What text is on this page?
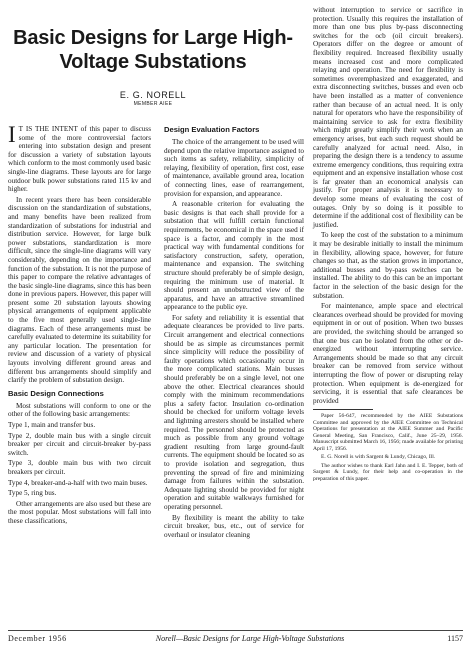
Basic Designs for Large High-Voltage Substations
E. G. NORELL
MEMBER AIEE

I T IS THE INTENT of this paper to discuss some of the more controversial factors entering into substation design and present for discussion a variety of substation layouts which conform to the most commonly used basic single-line diagrams. These layouts are for large outdoor bulk power substations rated 115 kv and higher.

In recent years there has been considerable discussion on the standardization of substations, and many benefits have been realized from standardization of substations for industrial and distribution service. However, for large bulk power substations, standardization is more difficult, since the single-line diagrams will vary considerably, depending on the importance and function of the substation. It is not the purpose of this paper to compare the relative advantages of the basic single-line diagrams, since this has been done in previous papers. However, this paper will present some 20 substation layouts showing physical arrangements of equipment applicable to the five most generally used single-line diagrams. Each of these arrangements must be carefully evaluated to determine its suitability for any particular location. The presentation for review and discussion of a variety of physical layouts involving different ground areas and different bus arrangements should simplify and clarify the problem of substation design.

Basic Design Connections

Most substations will conform to one or the other of the following basic arrangements:

Type 1, main and transfer bus.

Type 2, double main bus with a single circuit breaker per circuit and circuit-breaker by-pass switch.

Type 3, double main bus with two circuit breakers per circuit.

Type 4, breaker-and-a-half with two main buses.

Type 5, ring bus.

Other arrangements are also used but these are the most popular. Most substations will fall into these classifications,

Design Evaluation Factors

The choice of the arrangement to be used will depend upon the relative importance assigned to such items as safety, reliability, simplicity of relaying, flexibility of operation, first cost, ease of maintenance, available ground area, location of connecting lines, ease of rearrangement, provision for expansion, and appearance.

A reasonable criterion for evaluating the basic designs is that each shall provide for a substation that will fulfill certain functional requirements, be economical in the space used if space is a factor, and comply in the most practical way with fundamental conditions for satisfactory construction, safety, operation, maintenance and expansion. The switching structure should preferably be of simple design, requiring the minimum use of material. It should present an unobstructed view of the apparatus, and have an attractive streamlined appearance to the public eye.

For safety and reliability it is essential that adequate clearances be provided to live parts. Circuit arrangement and electrical connections should be as simple as circumstances permit since simplicity will reduce the possibility of faulty operations which occasionally occur in the more complicated stations. Main busses should preferably be on a single level, not one above the other. Electrical clearances should comply with the minimum recommendations plus a safety factor. Insulation co-ordination should be checked for uniform voltage levels and lightning arresters should be installed where required. The personnel should be protected as much as possible from any ground voltage gradient resulting from large ground-fault currents. The equipment should be located so as to provide isolation and segregation, thus preventing the spread of fire and minimizing damage from failures within the substation. Adequate lighting should be provided for night operation and suitable walkways furnished for operating personnel.

By flexibility is meant the ability to take circuit breaker, bus, etc., out of service for overhaul or insulator cleaning

without interruption to service or sacrifice in protection. Usually this requires the installation of more than one bus plus by-pass disconnecting switches for the ocb (oil circuit breakers). Operators differ on the degree or amount of flexibility required. Increased flexibility usually means increased cost and more complicated relaying and operation. The need for flexibility is sometimes overemphasized and exaggerated, and extra disconnecting switches, busses and even ocb have been installed as a matter of convenience rather than because of an actual need. It is only natural for operators who have the responsibility of maintaining service to ask for extra flexibility which might greatly simplify their work when an emergency arises, but each such request should be carefully analyzed for actual need. Also, in preparing the design there is a tendency to assume extreme emergency conditions, thus requiring extra equipment and an expensive installation whose cost is far greater than an economical analysis can justify. For proper analysis it is necessary to develop some means of evaluating the cost of outages. Only by so doing is it possible to determine if the additional cost of flexibility can be justified.

To keep the cost of the substation to a minimum it may be desirable initially to install the minimum in flexibility, allowing space, however, for future changes so that, as the station grows in importance, additional busses and by-pass switches can be installed. The ability to do this can be an important factor in the selection of the basic design for the substation.

For maintenance, ample space and electrical clearances overhead should be provided for moving equipment in or out of position. When two busses are provided, the switching should be arranged so that one bus can be isolated from the other or de-energized without interrupting service. Arrangements should be made so that any circuit breaker can be removed from service without interrupting the flow of power or disrupting relay protection. When equipment is de-energized for servicing, it is essential that safe clearances be provided

Paper 56-647, recommended by the AIEE Substations Committee and approved by the AIEE Committee on Technical Operations for presentation at the AIEE Summer and Pacific General Meeting, San Francisco, Calif., June 25–29, 1956. Manuscript submitted March 16, 1956; made available for printing April 17, 1956.

E. G. Norell is with Sargent & Lundy, Chicago, Ill.

The author wishes to thank Earl Jahn and I. E. Tepper, both of Sargent & Lundy, for their help and co-operation in the preparation of this paper.

December 1956	Norell—Basic Designs for Large High-Voltage Substations	1157
